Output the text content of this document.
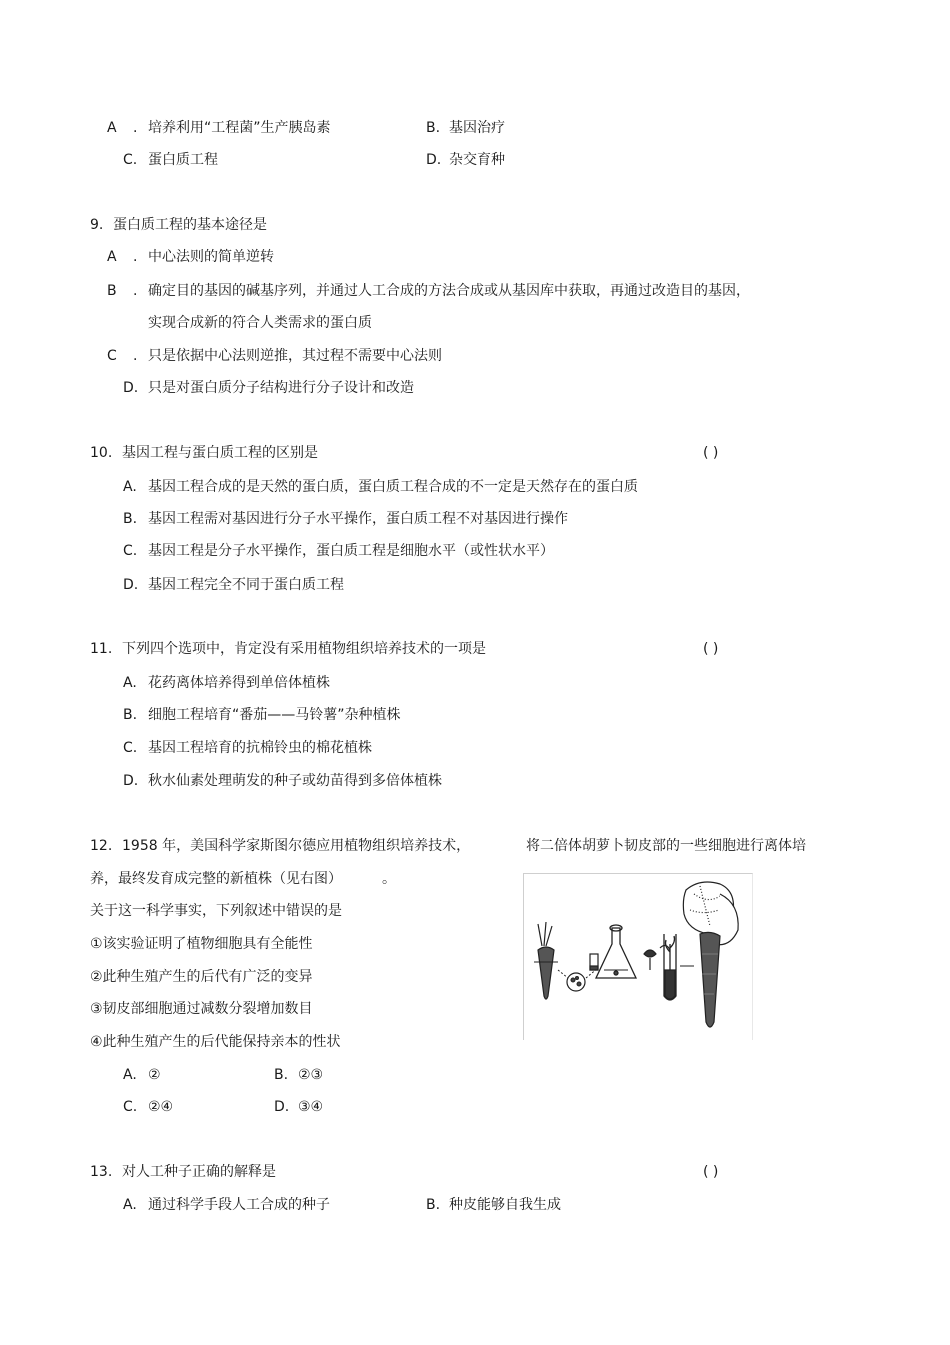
A . 培养利用“工程菌”生产胰岛素	B. 基因治疗
C. 蛋白质工程	D. 杂交育种
9. 蛋白质工程的基本途径是
A . 中心法则的简单逆转
B . 确定目的基因的碱基序列，并通过人工合成的方法合成或从基因库中获取，再通过改造目的基因，
实现合成新的符合人类需求的蛋白质
C . 只是依据中心法则逆推，其过程不需要中心法则
D. 只是对蛋白质分子结构进行分子设计和改造
10. 基因工程与蛋白质工程的区别是	( )
A. 基因工程合成的是天然的蛋白质，蛋白质工程合成的不一定是天然存在的蛋白质
B. 基因工程需对基因进行分子水平操作，蛋白质工程不对基因进行操作
C. 基因工程是分子水平操作，蛋白质工程是细胞水平（或性状水平）
D. 基因工程完全不同于蛋白质工程
11. 下列四个选项中，肯定没有采用植物组织培养技术的一项是	( )
A. 花药离体培养得到单倍体植株
B. 细胞工程培育“番茄——马铃薯”杂种植株
C. 基因工程培育的抗棉铃虫的棉花植株
D. 秋水仙素处理萌发的种子或幼苗得到多倍体植株
12. 1958 年，美国科学家斯图尔德应用植物组织培养技术，	将二倍体胡萝卜韧皮部的一些细胞进行离体培
养，最终发育成完整的新植株（见右图）	。
关于这一科学事实，下列叙述中错误的是
①该实验证明了植物细胞具有全能性
②此种生殖产生的后代有广泛的变异
③韧皮部细胞通过减数分裂增加数目
④此种生殖产生的后代能保持亲本的性状
A. ②	B. ②③
C. ②④	D. ③④
13. 对人工种子正确的解释是	( )
A. 通过科学手段人工合成的种子	B. 种皮能够自我生成
